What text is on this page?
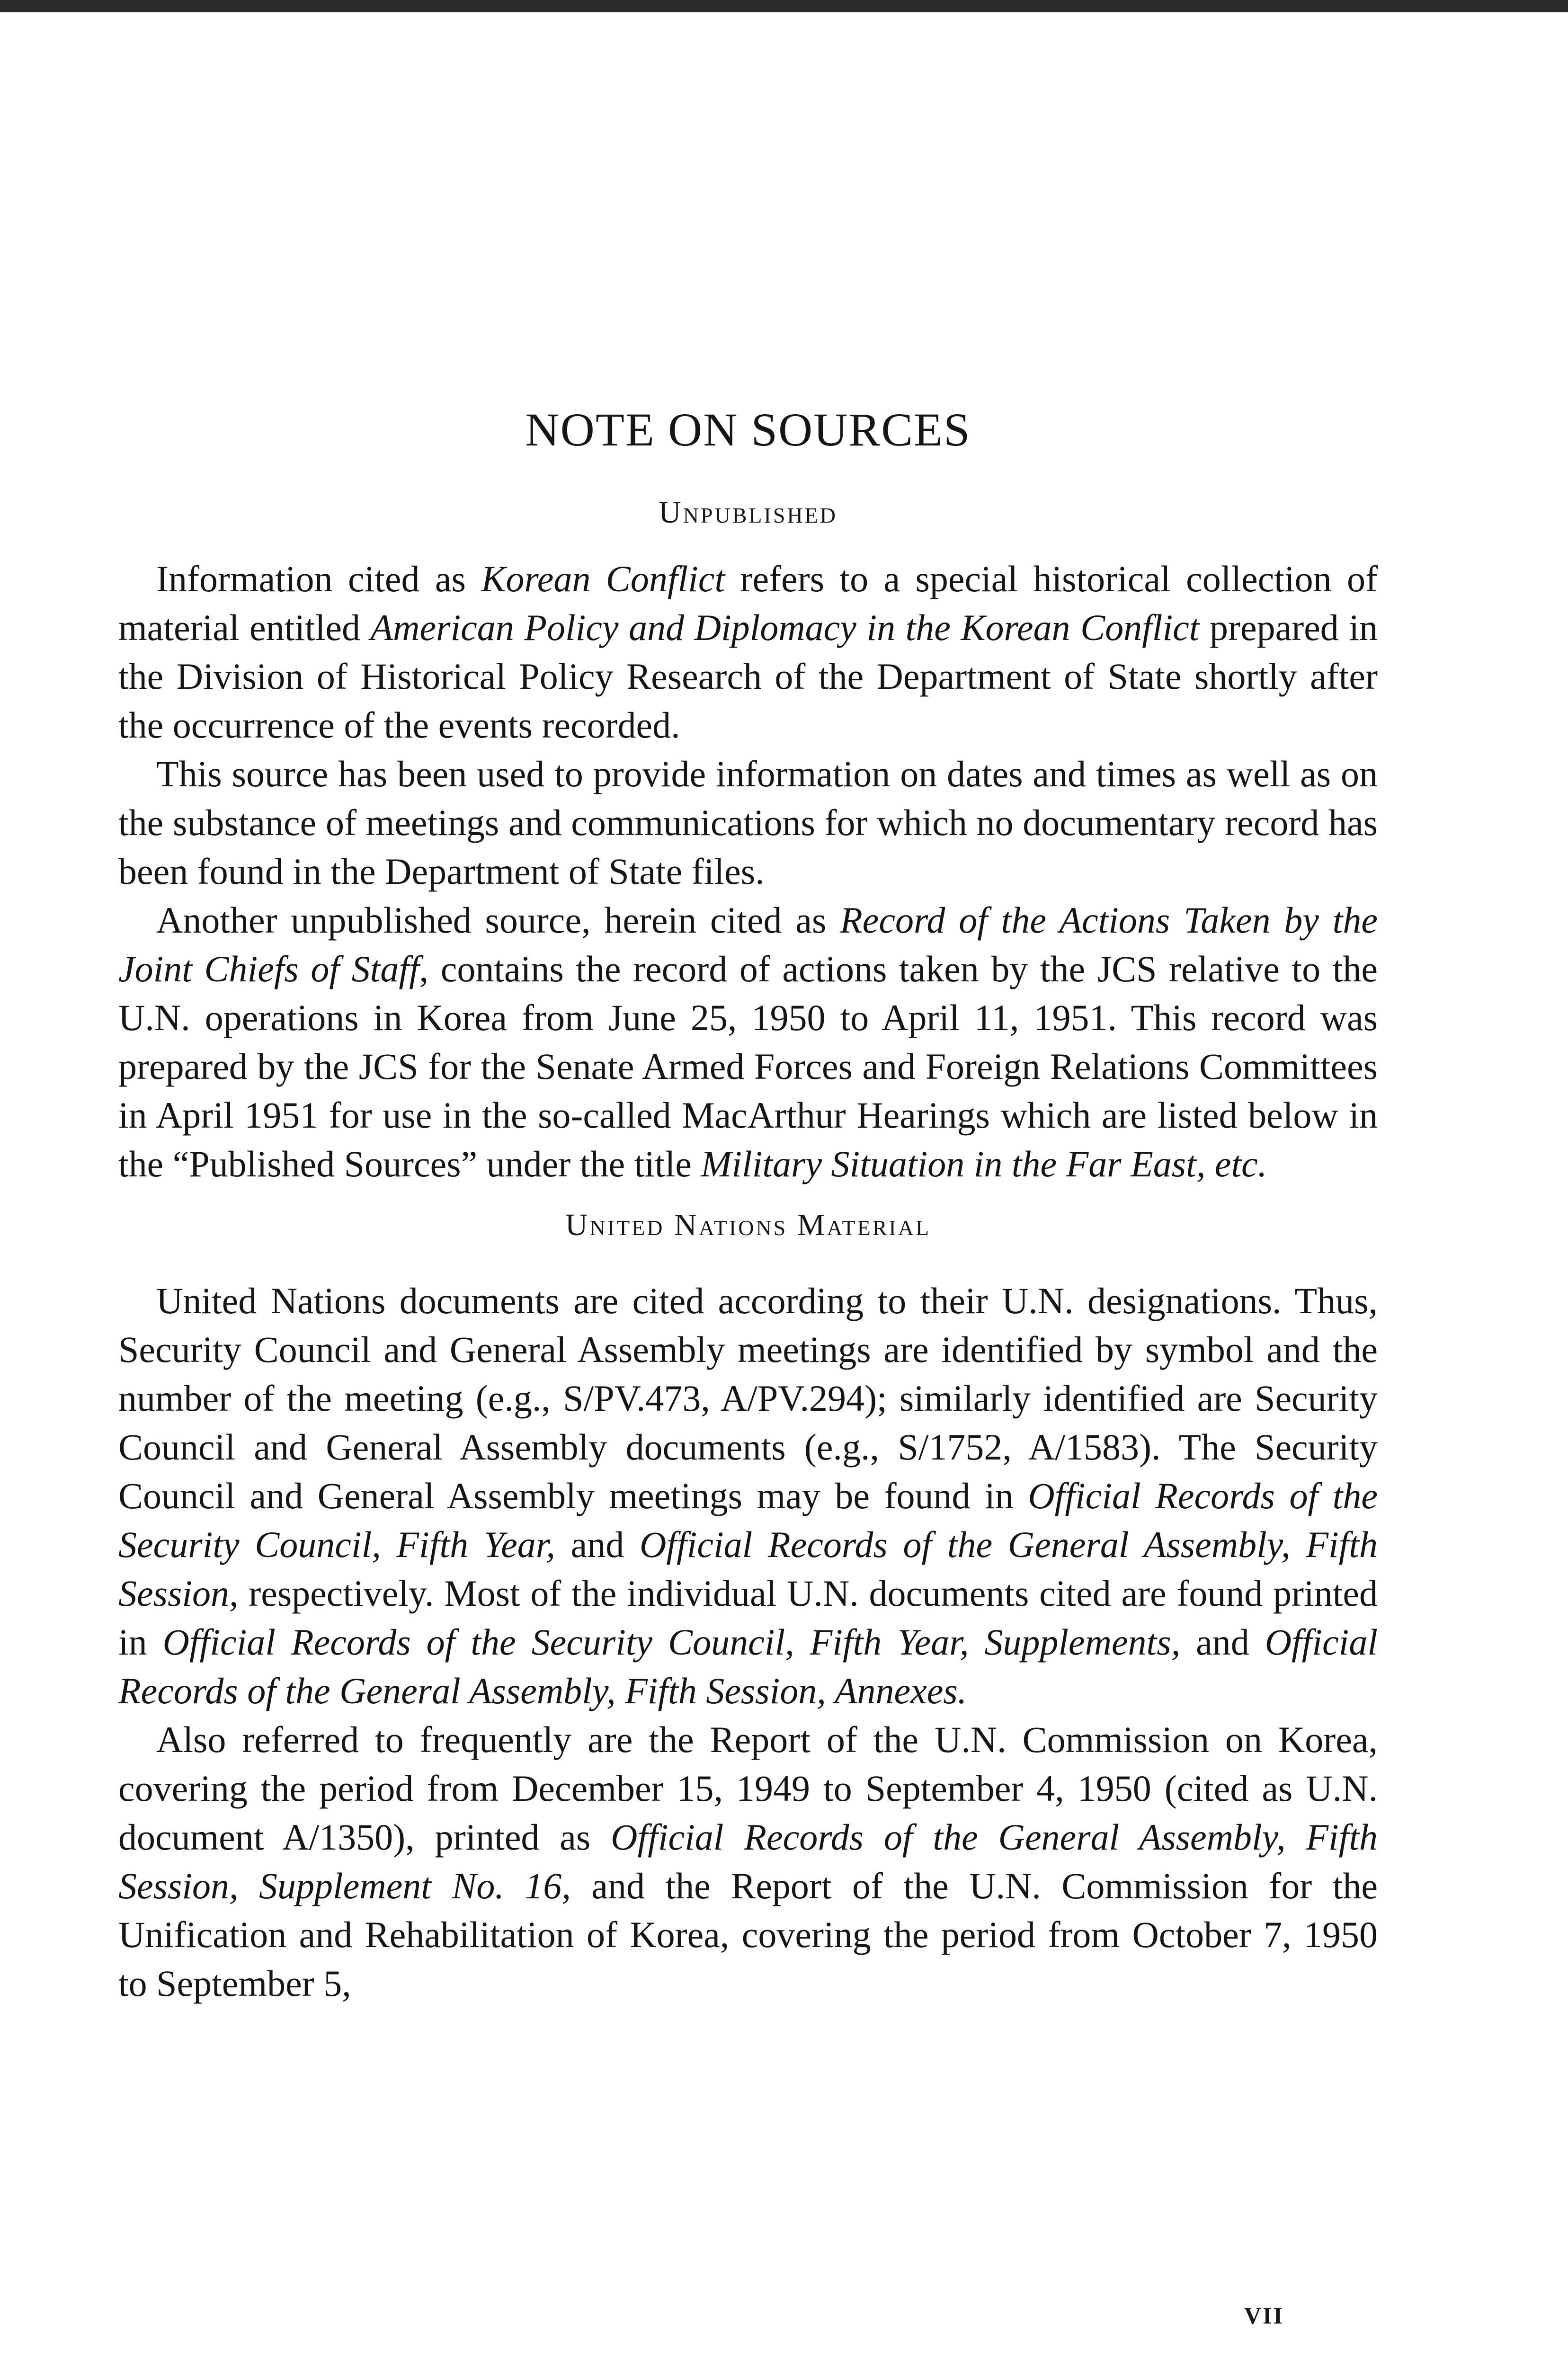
NOTE ON SOURCES
Unpublished

Information cited as Korean Conflict refers to a special historical collection of material entitled American Policy and Diplomacy in the Korean Conflict prepared in the Division of Historical Policy Research of the Department of State shortly after the occurrence of the events recorded.

This source has been used to provide information on dates and times as well as on the substance of meetings and communications for which no documentary record has been found in the Department of State files.

Another unpublished source, herein cited as Record of the Actions Taken by the Joint Chiefs of Staff, contains the record of actions taken by the JCS relative to the U.N. operations in Korea from June 25, 1950 to April 11, 1951. This record was prepared by the JCS for the Senate Armed Forces and Foreign Relations Committees in April 1951 for use in the so-called MacArthur Hearings which are listed below in the “Published Sources” under the title Military Situation in the Far East, etc.

United Nations Material

United Nations documents are cited according to their U.N. designations. Thus, Security Council and General Assembly meetings are identified by symbol and the number of the meeting (e.g., S/PV.473, A/PV.294); similarly identified are Security Council and General Assembly documents (e.g., S/1752, A/1583). The Security Council and General Assembly meetings may be found in Official Records of the Security Council, Fifth Year, and Official Records of the General Assembly, Fifth Session, respectively. Most of the individual U.N. documents cited are found printed in Official Records of the Security Council, Fifth Year, Supplements, and Official Records of the General Assembly, Fifth Session, Annexes.

Also referred to frequently are the Report of the U.N. Commission on Korea, covering the period from December 15, 1949 to September 4, 1950 (cited as U.N. document A/1350), printed as Official Records of the General Assembly, Fifth Session, Supplement No. 16, and the Report of the U.N. Commission for the Unification and Rehabilitation of Korea, covering the period from October 7, 1950 to September 5,

VII
